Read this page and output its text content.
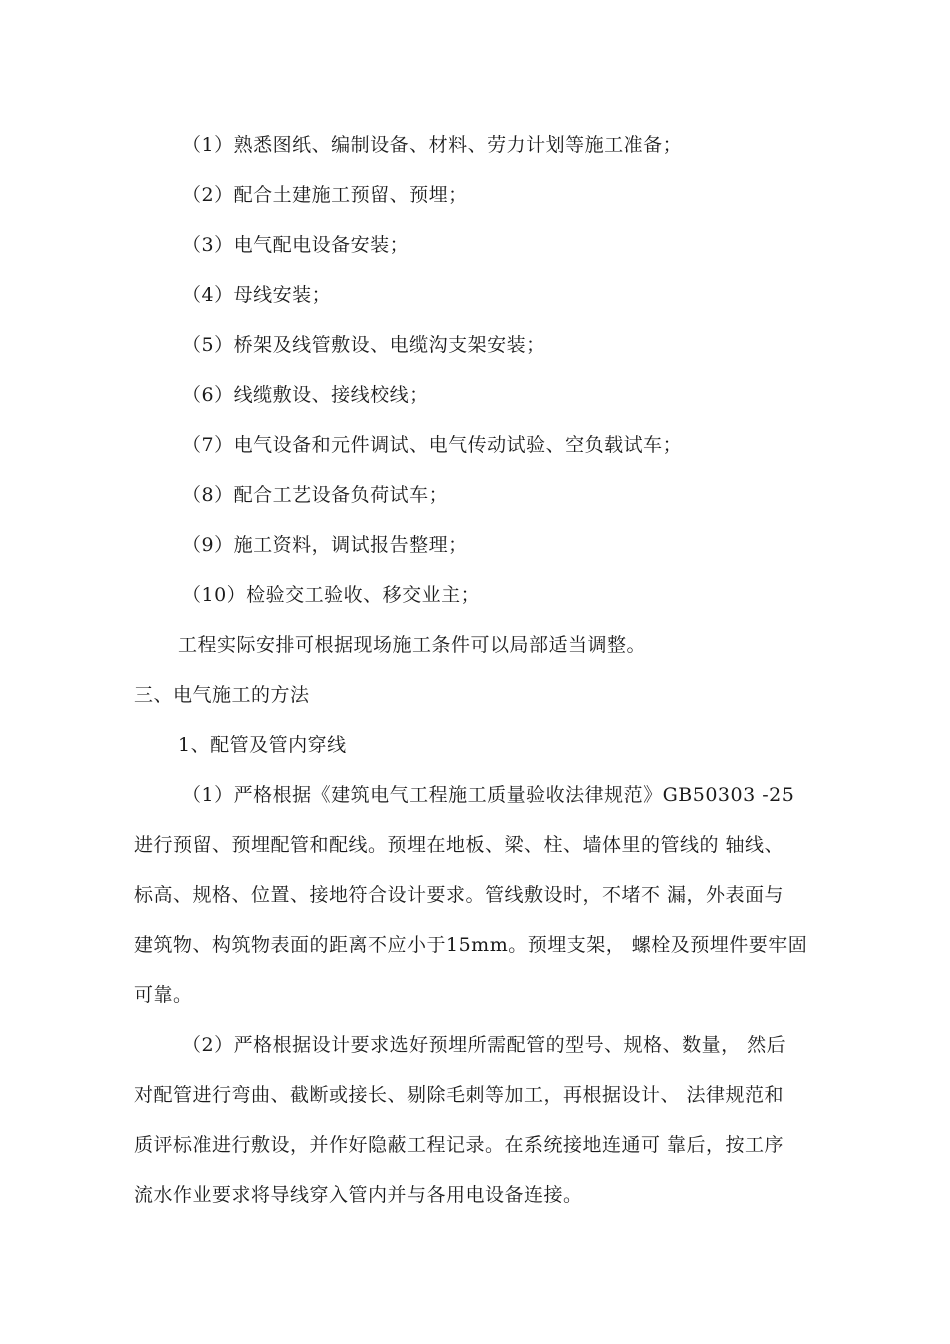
（1）熟悉图纸、编制设备、材料、劳力计划等施工准备；
（2）配合土建施工预留、预埋；
（3）电气配电设备安装；
（4）母线安装；
（5）桥架及线管敷设、电缆沟支架安装；
（6）线缆敷设、接线校线；
（7）电气设备和元件调试、电气传动试验、空负载试车；
（8）配合工艺设备负荷试车；
（9）施工资料，调试报告整理；
（10）检验交工验收、移交业主；
工程实际安排可根据现场施工条件可以局部适当调整。
三、电气施工的方法
1、配管及管内穿线
（1）严格根据《建筑电气工程施工质量验收法律规范》GB50303 -25
进行预留、预埋配管和配线。预埋在地板、梁、柱、墙体里的管线的 轴线、
标高、规格、位置、接地符合设计要求。管线敷设时，不堵不 漏，外表面与
建筑物、构筑物表面的距离不应小于15mm。预埋支架， 螺栓及预埋件要牢固
可靠。
（2）严格根据设计要求选好预埋所需配管的型号、规格、数量， 然后
对配管进行弯曲、截断或接长、剔除毛刺等加工，再根据设计、 法律规范和
质评标准进行敷设，并作好隐蔽工程记录。在系统接地连通可 靠后，按工序
流水作业要求将导线穿入管内并与各用电设备连接。
